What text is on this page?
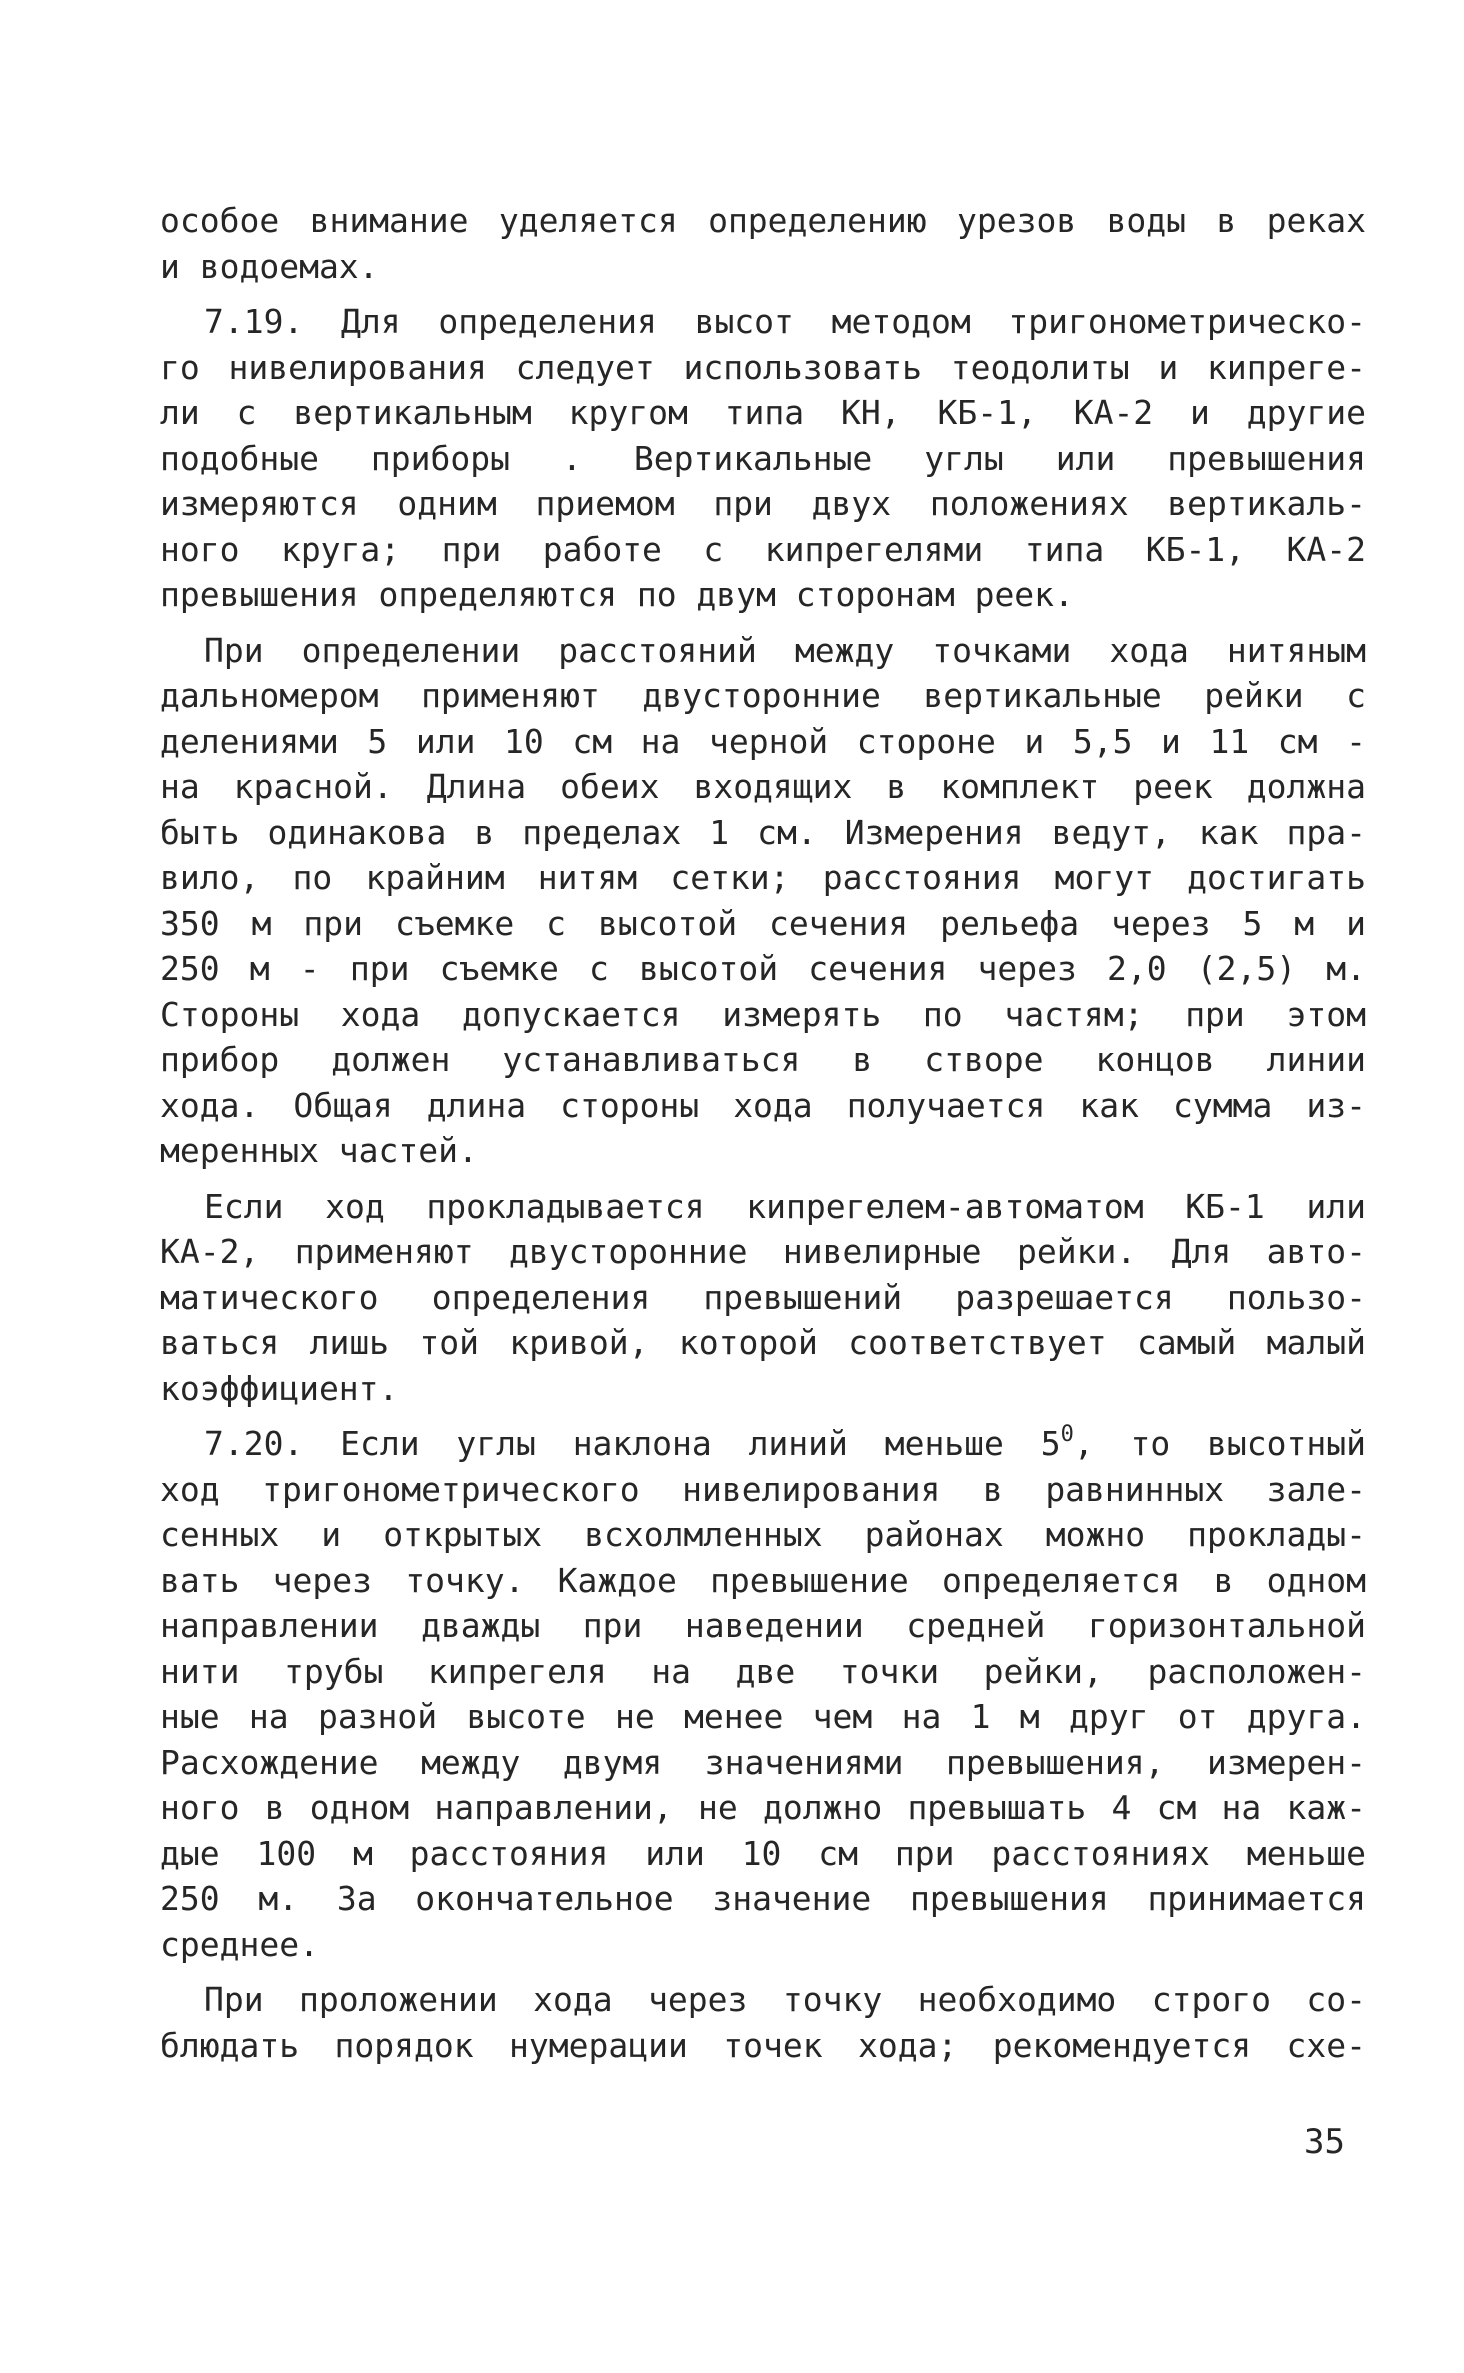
особое внимание уделяется определению урезов воды в реках
и водоемах.
7.19. Для определения высот методом тригонометрическо-
го нивелирования следует использовать теодолиты и кипрегe-
ли с вертикальным кругом типа КН, КБ-1, КА-2 и другие
подобные приборы . Вертикальные углы или превышения
измеряются одним приемом при двух положениях вертикаль-
ного круга; при работе с кипрегелями типа КБ-1, КА-2
превышения определяются по двум сторонам реек.
При определении расстояний между точками хода нитяным
дальномером применяют двусторонние вертикальные рейки с
делениями 5 или 10 см на черной стороне и 5,5 и 11 см -
на красной. Длина обеих входящих в комплект реек должна
быть одинакова в пределах 1 см. Измерения ведут, как пра-
вило, по крайним нитям сетки; расстояния могут достигать
350 м при съемке с высотой сечения рельефа через 5 м и
250 м - при съемке с высотой сечения через 2,0 (2,5) м.
Стороны хода допускается измерять по частям; при этом
прибор должен устанавливаться в створе концов линии
хода. Общая длина стороны хода получается как сумма из-
меренных частей.
Если ход прокладывается кипрегелем-автоматом КБ-1 или
КА-2, применяют двусторонние нивелирные рейки. Для авто-
матического определения превышений разрешается пользо-
ваться лишь той кривой, которой соответствует самый малый
коэффициент.
7.20. Если углы наклона линий меньше $5^0$, то высотный
ход тригонометрического нивелирования в равнинных зале-
сенных и открытых всхолмленных районах можно проклады-
вать через точку. Каждое превышение определяется в одном
направлении дважды при наведении средней горизонтальной
нити трубы кипрегеля на две точки рейки, расположен-
ные на разной высоте не менее чем на 1 м друг от друга.
Расхождение между двумя значениями превышения, измерен-
ного в одном направлении, не должно превышать 4 см на каж-
дые 100 м расстояния или 10 см при расстояниях меньше
250 м. За окончательное значение превышения принимается
среднее.
При проложении хода через точку необходимо строго со-
блюдать порядок нумерации точек хода; рекомендуется схе-
35
